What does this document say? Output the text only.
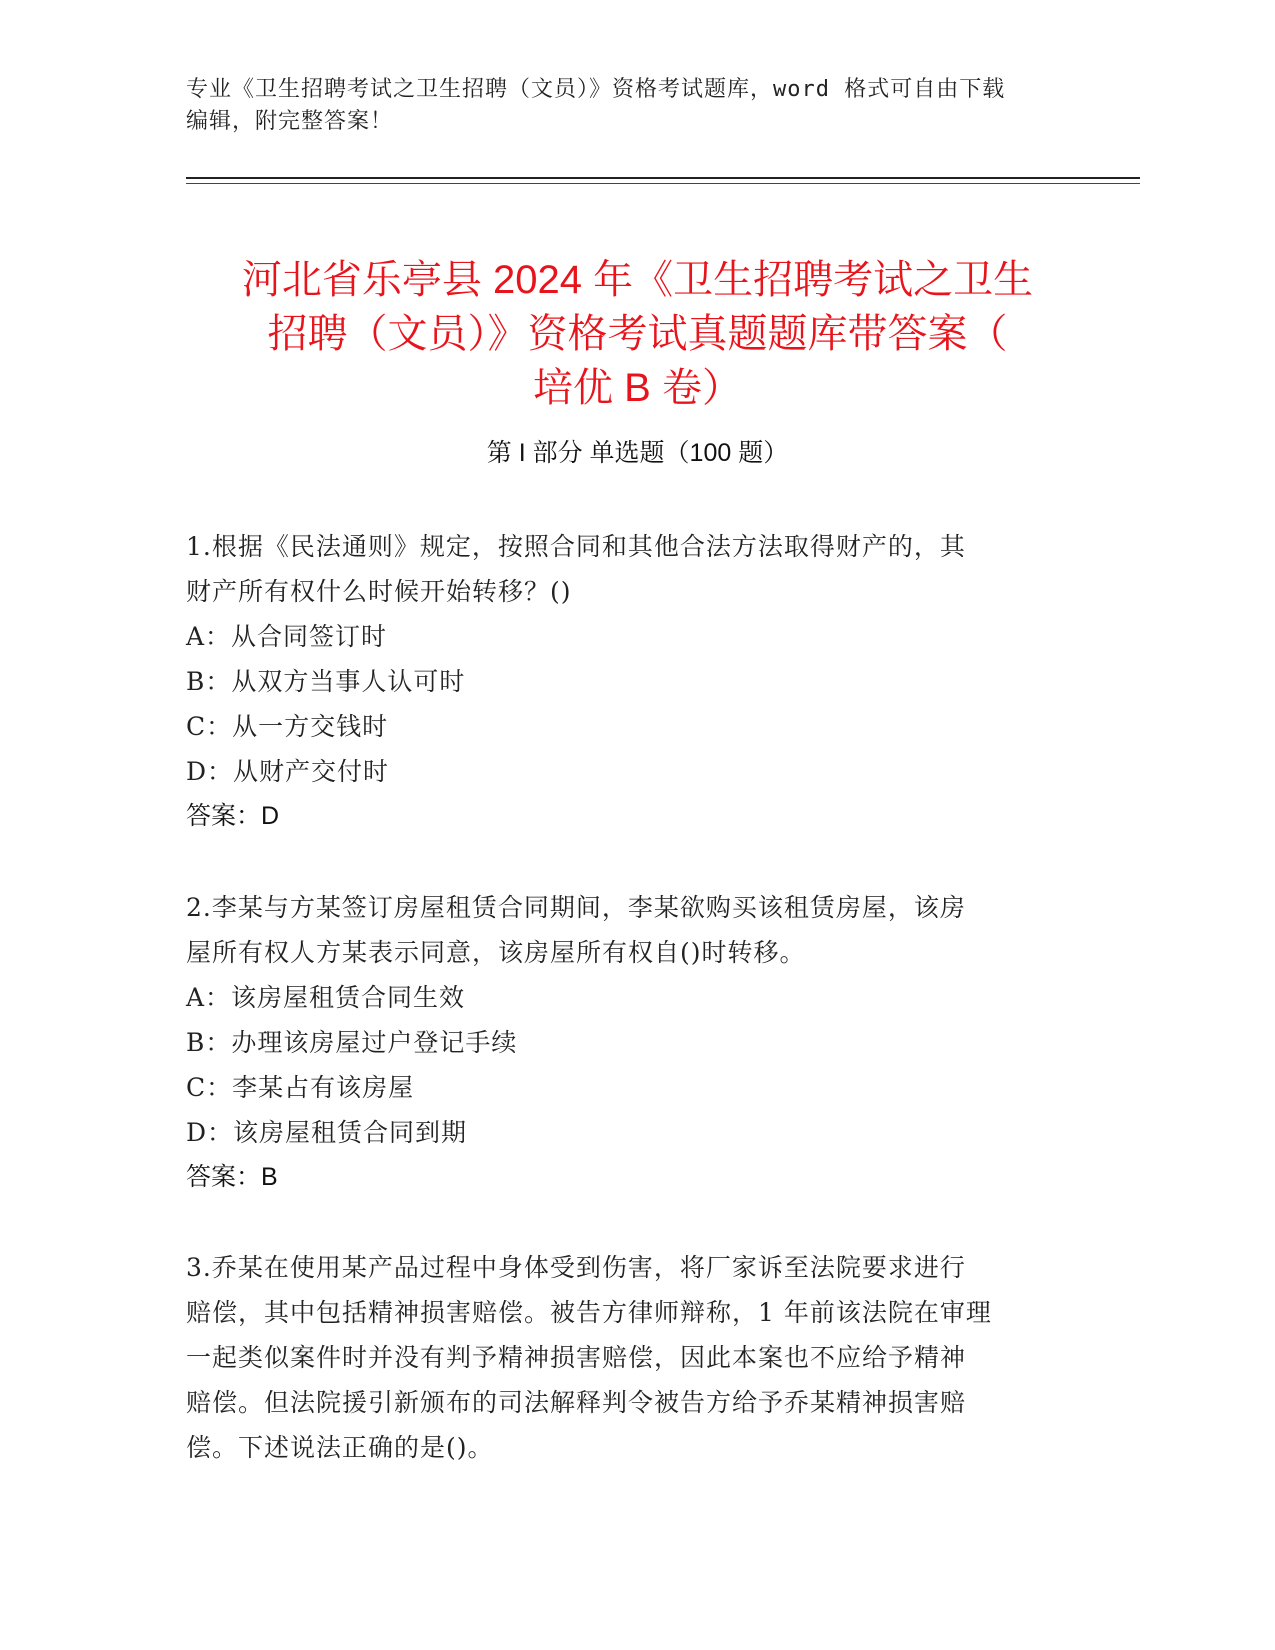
专业《卫生招聘考试之卫生招聘（文员）》资格考试题库，word 格式可自由下载
编辑，附完整答案！
河北省乐亭县 2024 年《卫生招聘考试之卫生
招聘（文员）》资格考试真题题库带答案（
培优 B 卷）
第 I 部分 单选题（100 题）
1.根据《民法通则》规定，按照合同和其他合法方法取得财产的，其
财产所有权什么时候开始转移？()
A：从合同签订时
B：从双方当事人认可时
C：从一方交钱时
D：从财产交付时
答案：D
2.李某与方某签订房屋租赁合同期间，李某欲购买该租赁房屋，该房
屋所有权人方某表示同意，该房屋所有权自()时转移。
A：该房屋租赁合同生效
B：办理该房屋过户登记手续
C：李某占有该房屋
D：该房屋租赁合同到期
答案：B
3.乔某在使用某产品过程中身体受到伤害，将厂家诉至法院要求进行
赔偿，其中包括精神损害赔偿。被告方律师辩称，1 年前该法院在审理
一起类似案件时并没有判予精神损害赔偿，因此本案也不应给予精神
赔偿。但法院援引新颁布的司法解释判令被告方给予乔某精神损害赔
偿。下述说法正确的是()。
